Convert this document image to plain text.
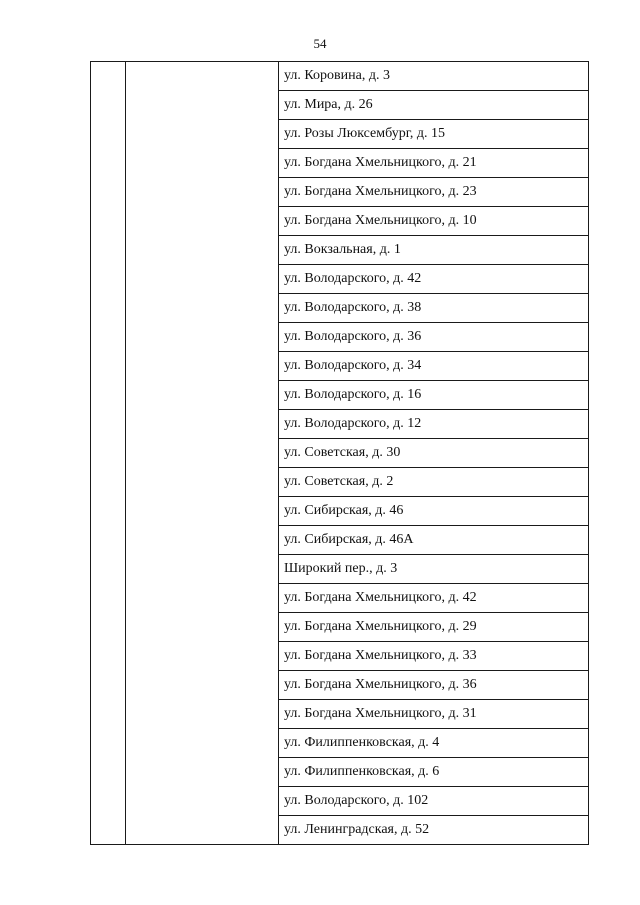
54
		ул. Коровина, д. 3
ул. Мира, д. 26
ул. Розы Люксембург, д. 15
ул. Богдана Хмельницкого, д. 21
ул. Богдана Хмельницкого, д. 23
ул. Богдана Хмельницкого, д. 10
ул. Вокзальная, д. 1
ул. Володарского, д. 42
ул. Володарского, д. 38
ул. Володарского, д. 36
ул. Володарского, д. 34
ул. Володарского, д. 16
ул. Володарского, д. 12
ул. Советская, д. 30
ул. Советская, д. 2
ул. Сибирская, д. 46
ул. Сибирская, д. 46А
Широкий пер., д. 3
ул. Богдана Хмельницкого, д. 42
ул. Богдана Хмельницкого, д. 29
ул. Богдана Хмельницкого, д. 33
ул. Богдана Хмельницкого, д. 36
ул. Богдана Хмельницкого, д. 31
ул. Филиппенковская, д. 4
ул. Филиппенковская, д. 6
ул. Володарского, д. 102
ул. Ленинградская, д. 52
